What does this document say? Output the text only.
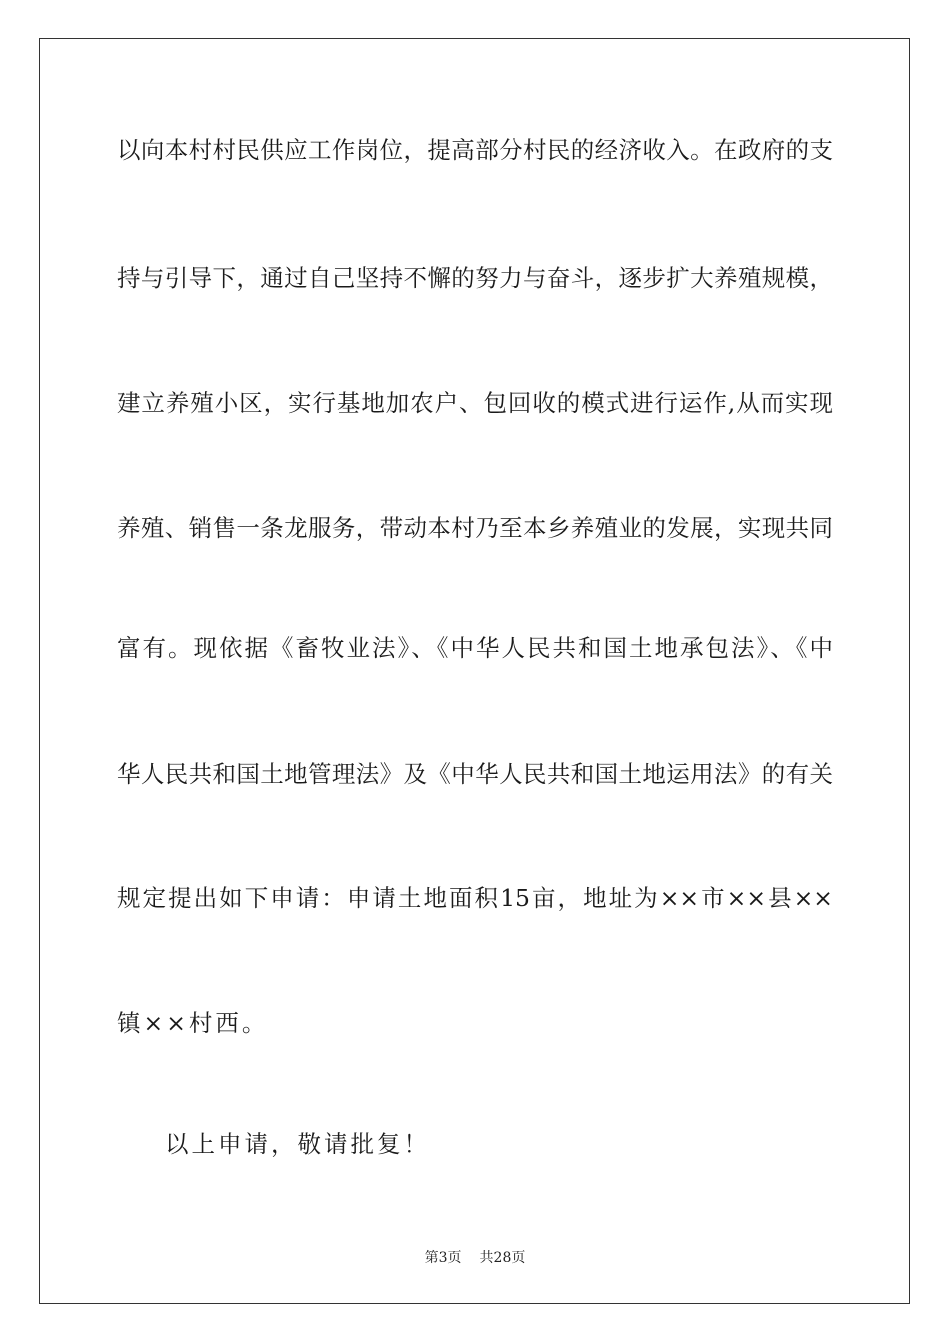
以向本村村民供应工作岗位，提高部分村民的经济收入。在政府的支
持与引导下，通过自己坚持不懈的努力与奋斗，逐步扩大养殖规模，
建立养殖小区，实行基地加农户、包回收的模式进行运作,从而实现
养殖、销售一条龙服务，带动本村乃至本乡养殖业的发展，实现共同
富有。现依据《畜牧业法》、《中华人民共和国土地承包法》、《中
华人民共和国土地管理法》及《中华人民共和国土地运用法》的有关
规定提出如下申请：申请土地面积15亩，地址为××市××县××
镇××村西。
以上申请，敬请批复！
第3页 共28页
